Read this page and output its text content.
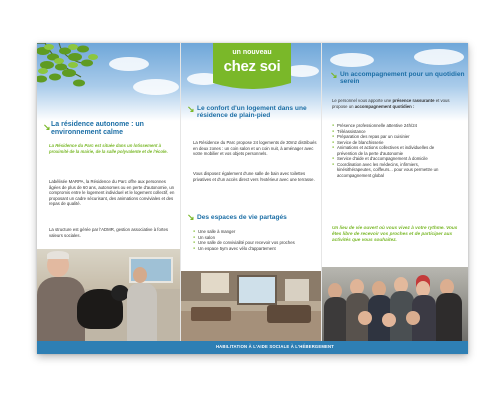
↘ La résidence autonome : un environnement calme
La Résidence du Parc est située dans un lotissement à proximité de la mairie, de la salle polyvalente et de l'école.
Labélisée MARPA, la Résidence du Parc offre aux personnes âgées de plus de 60 ans, autonomes ou en perte d'autonomie, un compromis entre le logement individuel et le logement collectif, en proposant un cadre sécurisant, des animations conviviales et des repas de qualité.
La structure est gérée par l'ADMR, gestion associative à fortes valeurs sociales.
un nouveau
chez soi
↘ Le confort d'un logement dans une résidence de plain-pied
La Résidence du Parc propose 24 logements de 30m2 distribués en deux zones : un coin salon et un coin nuit, à aménager avec votre mobilier et vos objets personnels.
Vous disposez également d'une salle de bain avec toilettes privatives et d'un accès direct vers l'extérieur avec une terrasse.
↘ Des espaces de vie partagés
● Une salle à manger
● Un salon
● Une salle de convivialité pour recevoir vos proches
● Un espace 5ym avec vélo d'appartement
↘ Un accompagnement pour un quotidien serein
Le personnel vous apporte une présence rassurante et vous propose un accompagnement quotidien :
● Présence professionnelle attentive 24h/24
● Téléassistance
● Préparation des repas par un cuisinier
● Service de blanchisserie
● Animations et actions collectives et individuelles de prévention de la perte d'autonomie
● Service d'aide et d'accompagnement à domicile
● Coordination avec les médecins, infirmiers, kinésithérapeutes, coiffeurs... pour vous permettre un accompagnement global
Un lieu de vie ouvert où vous vivez à votre rythme. Vous êtes libre de recevoir vos proches et de participer aux activités que vous souhaitez.
HABILITATION À L'AIDE SOCIALE À L'HÉBERGEMENT
